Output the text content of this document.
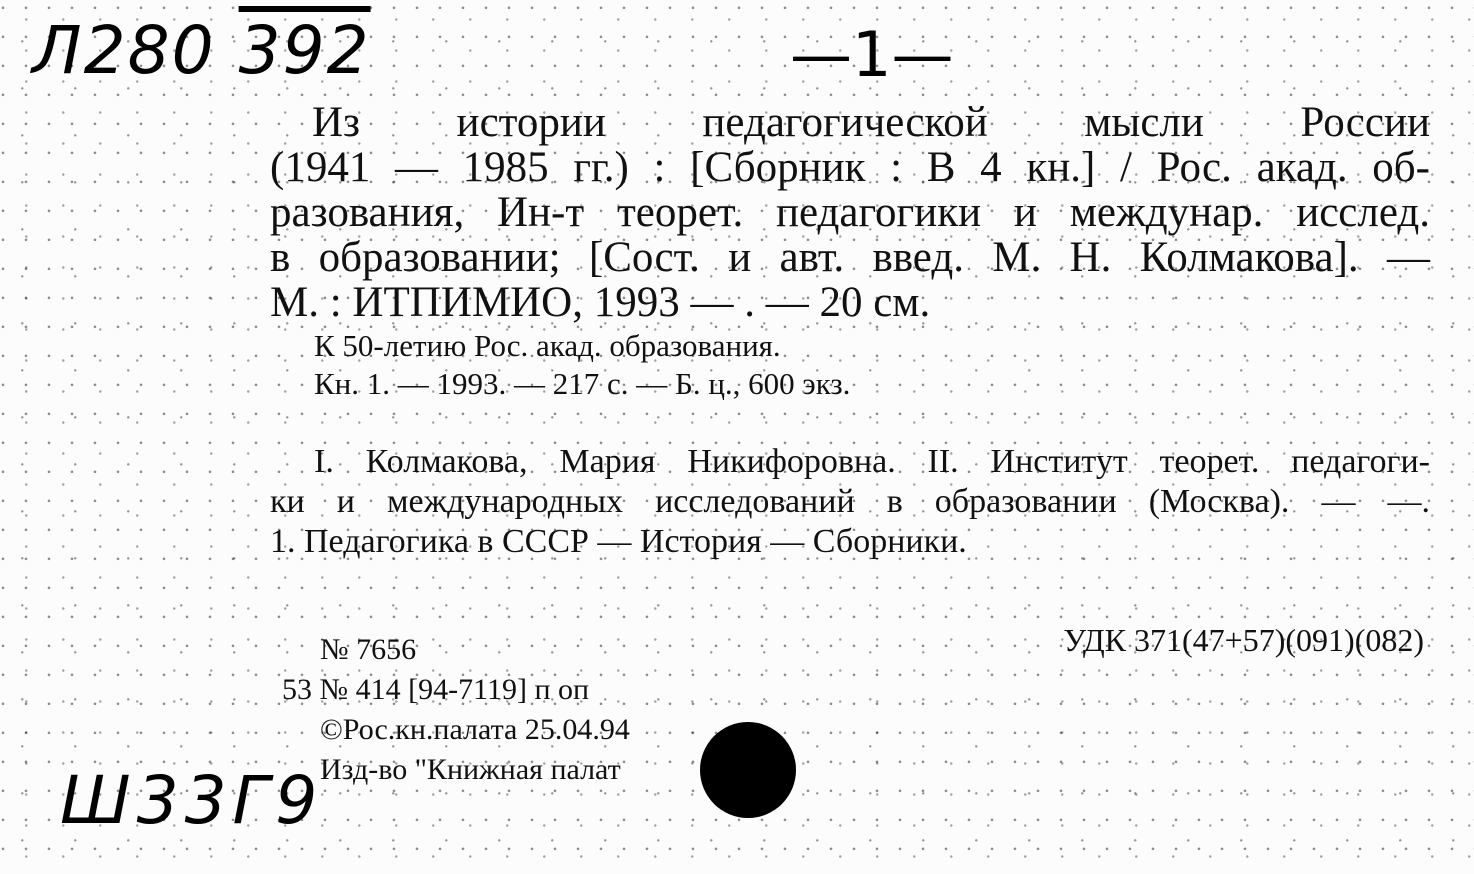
Л280 392	—1—

Из истории педагогической мысли России
(1941 — 1985 гг.) : [Сборник : В 4 кн.] / Рос. акад. об-
разования, Ин-т теорет. педагогики и междунар. исслед.
в образовании; [Сост. и авт. введ. М. Н. Колмакова]. —
М. : ИТПИМИО, 1993 — . — 20 см.
К 50-летию Рос. акад. образования.
Кн. 1. — 1993. — 217 с. — Б. ц., 600 экз.
I. Колмакова, Мария Никифоровна. II. Институт теорет. педагоги-
ки и международных исследований в образовании (Москва). — —.
1. Педагогика в СССР — История — Сборники.
№ 7656
53 № 414 [94-7119] п оп
©Рос.кн.палата 25.04.94
Изд-во "Книжная палат

УДК 371(47+57)(091)(082)

Ш33Г9
